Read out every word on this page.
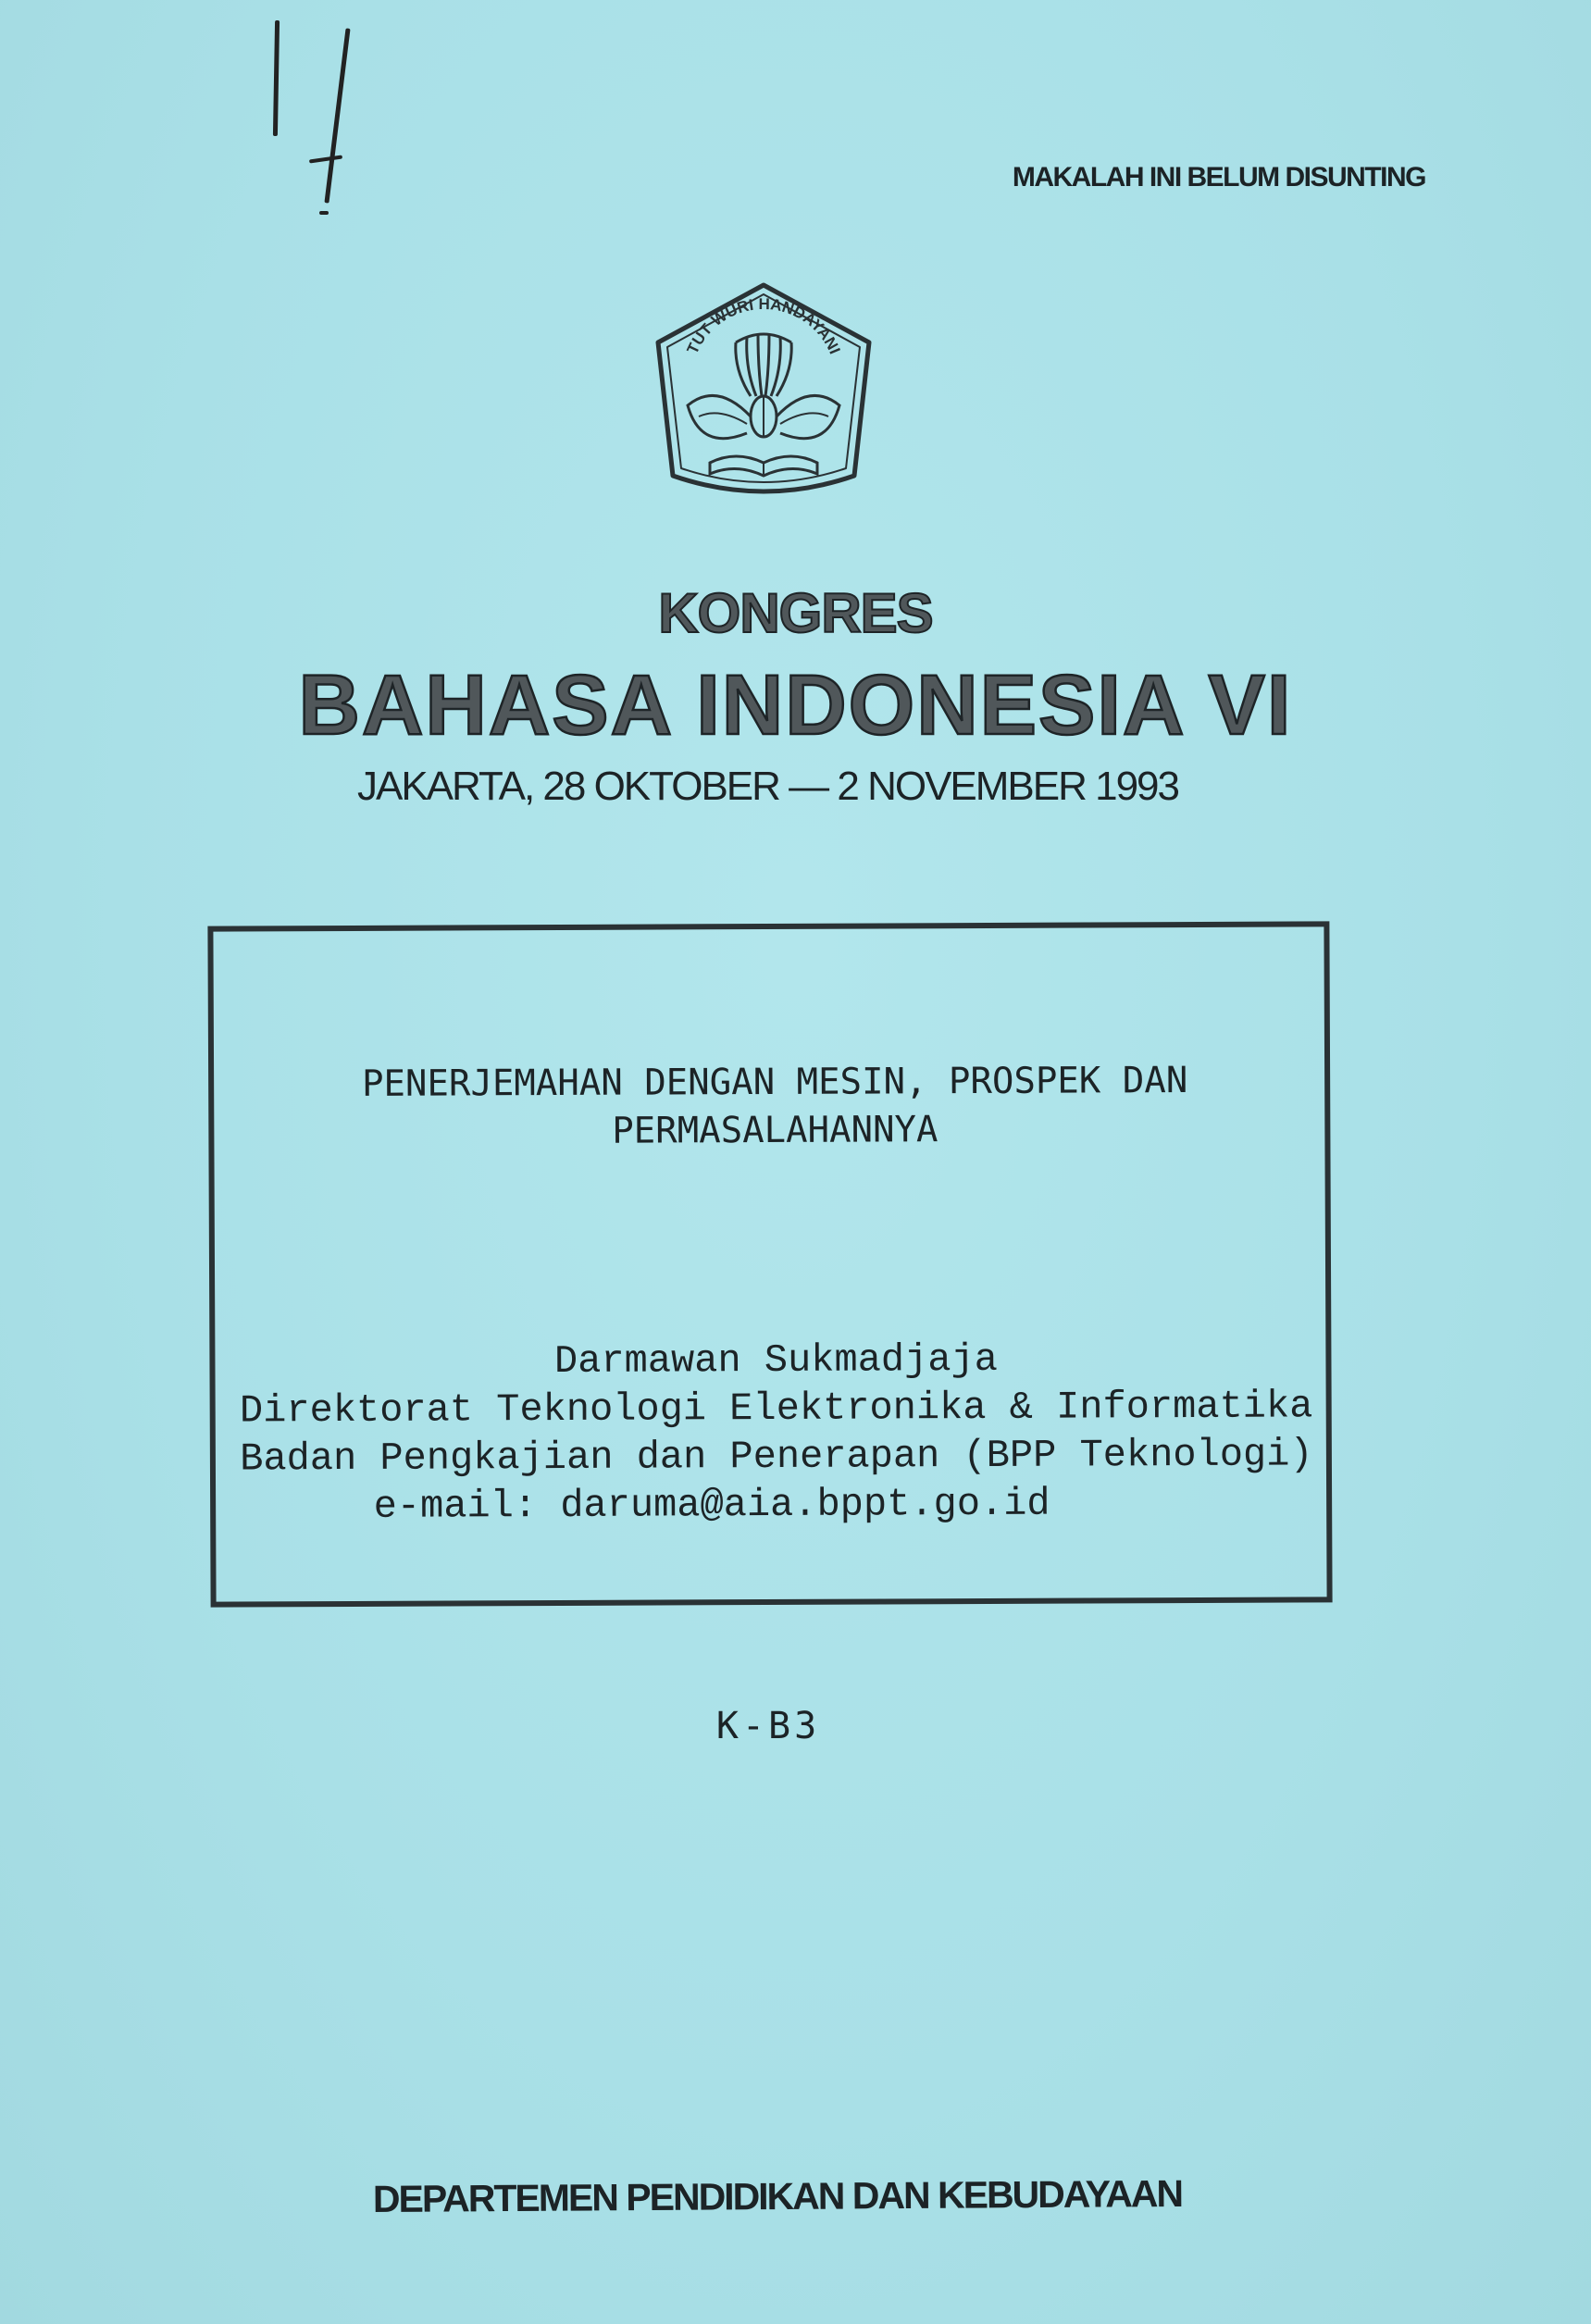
MAKALAH INI BELUM DISUNTING
TUT WURI HANDAYANI
KONGRES
BAHASA INDONESIA VI
JAKARTA, 28 OKTOBER — 2 NOVEMBER 1993
PENERJEMAHAN DENGAN MESIN, PROSPEK DAN
PERMASALAHANNYA
Darmawan Sukmadjaja
Direktorat Teknologi Elektronika & Informatika
Badan Pengkajian dan Penerapan (BPP Teknologi)
e-mail: daruma@aia.bppt.go.id
K-B3
DEPARTEMEN PENDIDIKAN DAN KEBUDAYAAN
